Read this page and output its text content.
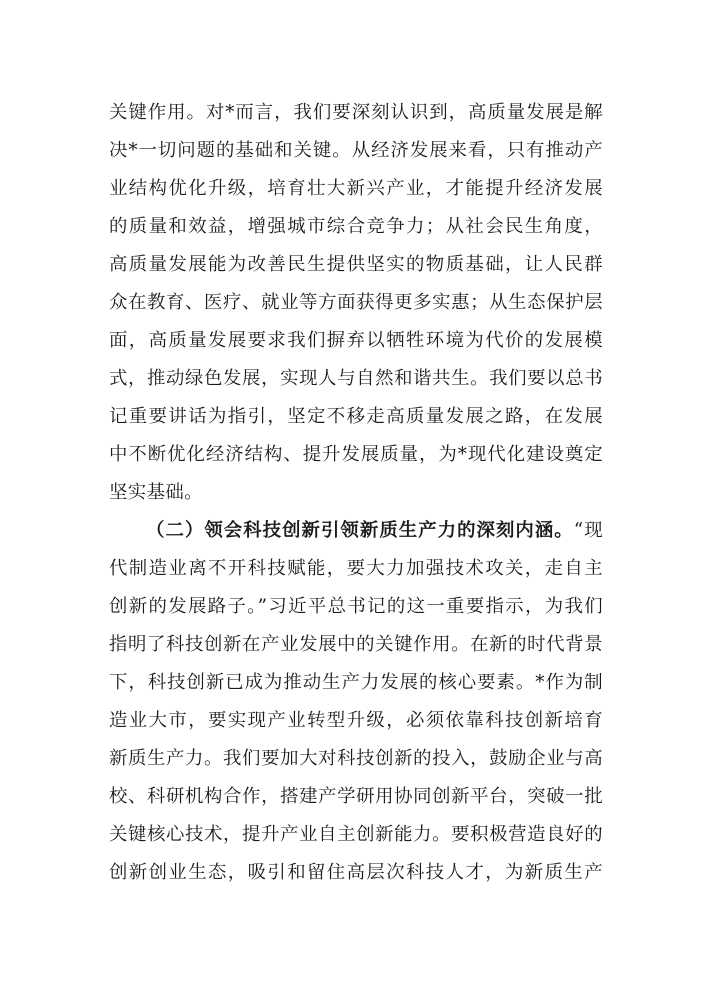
关键作用。对*而言，我们要深刻认识到，高质量发展是解
决*一切问题的基础和关键。从经济发展来看，只有推动产
业结构优化升级，培育壮大新兴产业，才能提升经济发展
的质量和效益，增强城市综合竞争力；从社会民生角度，
高质量发展能为改善民生提供坚实的物质基础，让人民群
众在教育、医疗、就业等方面获得更多实惠；从生态保护层
面，高质量发展要求我们摒弃以牺牲环境为代价的发展模
式，推动绿色发展，实现人与自然和谐共生。我们要以总书
记重要讲话为指引，坚定不移走高质量发展之路，在发展
中不断优化经济结构、提升发展质量，为*现代化建设奠定
坚实基础。
（二）领会科技创新引领新质生产力的深刻内涵。“现
代制造业离不开科技赋能，要大力加强技术攻关，走自主
创新的发展路子。”习近平总书记的这一重要指示，为我们
指明了科技创新在产业发展中的关键作用。在新的时代背景
下，科技创新已成为推动生产力发展的核心要素。*作为制
造业大市，要实现产业转型升级，必须依靠科技创新培育
新质生产力。我们要加大对科技创新的投入，鼓励企业与高
校、科研机构合作，搭建产学研用协同创新平台，突破一批
关键核心技术，提升产业自主创新能力。要积极营造良好的
创新创业生态，吸引和留住高层次科技人才，为新质生产
